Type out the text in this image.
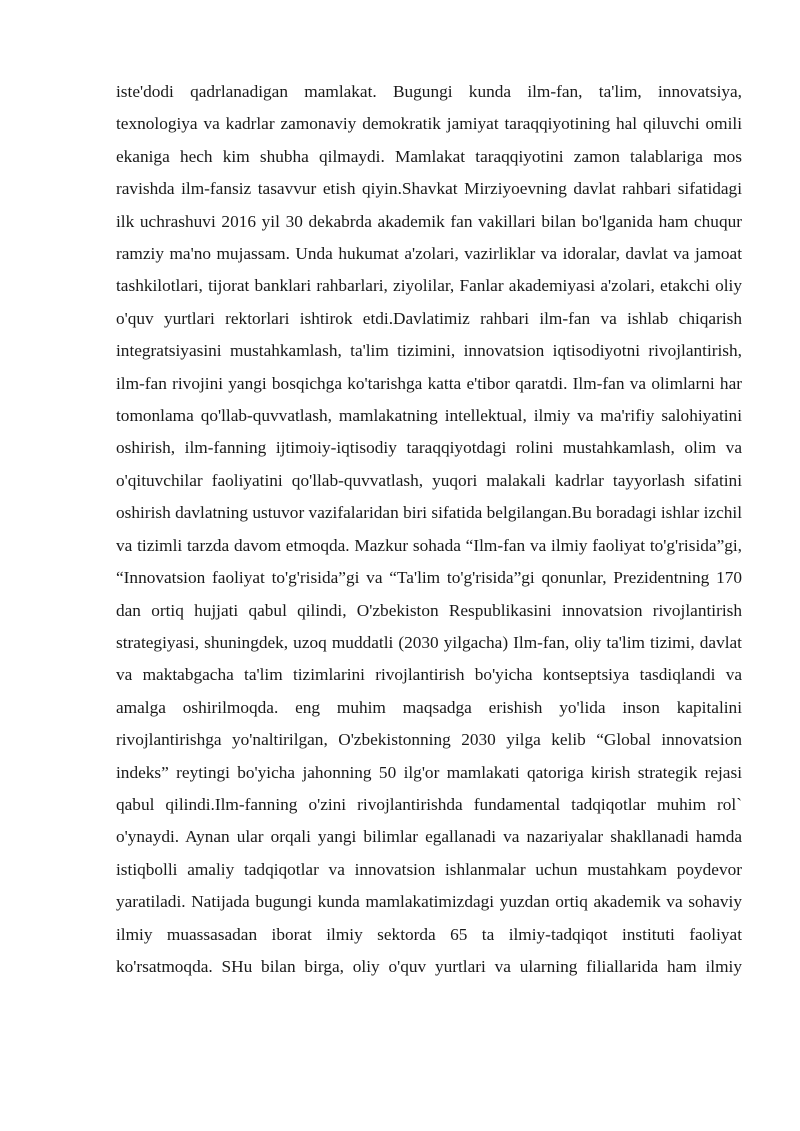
iste'dodi qadrlanadigan mamlakat. Bugungi kunda ilm-fan, ta'lim, innovatsiya, texnologiya va kadrlar zamonaviy demokratik jamiyat taraqqiyotining hal qiluvchi omili ekaniga hech kim shubha qilmaydi. Mamlakat taraqqiyotini zamon talablariga mos ravishda ilm-fansiz tasavvur etish qiyin.Shavkat Mirziyoevning davlat rahbari sifatidagi ilk uchrashuvi 2016 yil 30 dekabrda akademik fan vakillari bilan bo'lganida ham chuqur ramziy ma'no mujassam. Unda hukumat a'zolari, vazirliklar va idoralar, davlat va jamoat tashkilotlari, tijorat banklari rahbarlari, ziyolilar, Fanlar akademiyasi a'zolari, etakchi oliy o'quv yurtlari rektorlari ishtirok etdi.Davlatimiz rahbari ilm-fan va ishlab chiqarish integratsiyasini mustahkamlash, ta'lim tizimini, innovatsion iqtisodiyotni rivojlantirish, ilm-fan rivojini yangi bosqichga ko'tarishga katta e'tibor qaratdi. Ilm-fan va olimlarni har tomonlama qo'llab-quvvatlash, mamlakatning intellektual, ilmiy va ma'rifiy salohiyatini oshirish, ilm-fanning ijtimoiy-iqtisodiy taraqqiyotdagi rolini mustahkamlash, olim va o'qituvchilar faoliyatini qo'llab-quvvatlash, yuqori malakali kadrlar tayyorlash sifatini oshirish davlatning ustuvor vazifalaridan biri sifatida belgilangan.Bu boradagi ishlar izchil va tizimli tarzda davom etmoqda. Mazkur sohada “Ilm-fan va ilmiy faoliyat to'g'risida”gi, “Innovatsion faoliyat to'g'risida”gi va “Ta'lim to'g'risida”gi qonunlar, Prezidentning 170 dan ortiq hujjati qabul qilindi, O'zbekiston Respublikasini innovatsion rivojlantirish strategiyasi, shuningdek, uzoq muddatli (2030 yilgacha) Ilm-fan, oliy ta'lim tizimi, davlat va maktabgacha ta'lim tizimlarini rivojlantirish bo'yicha kontseptsiya tasdiqlandi va amalga oshirilmoqda. eng muhim maqsadga erishish yo'lida inson kapitalini rivojlantirishga yo'naltirilgan, O'zbekistonning 2030 yilga kelib “Global innovatsion indeks” reytingi bo'yicha jahonning 50 ilg'or mamlakati qatoriga kirish strategik rejasi qabul qilindi.Ilm-fanning o'zini rivojlantirishda fundamental tadqiqotlar muhim rol` o'ynaydi. Aynan ular orqali yangi bilimlar egallanadi va nazariyalar shakllanadi hamda istiqbolli amaliy tadqiqotlar va innovatsion ishlanmalar uchun mustahkam poydevor yaratiladi. Natijada bugungi kunda mamlakatimizdagi yuzdan ortiq akademik va sohaviy ilmiy muassasadan iborat ilmiy sektorda 65 ta ilmiy-tadqiqot instituti faoliyat ko'rsatmoqda. SHu bilan birga, oliy o'quv yurtlari va ularning filiallarida ham ilmiy
